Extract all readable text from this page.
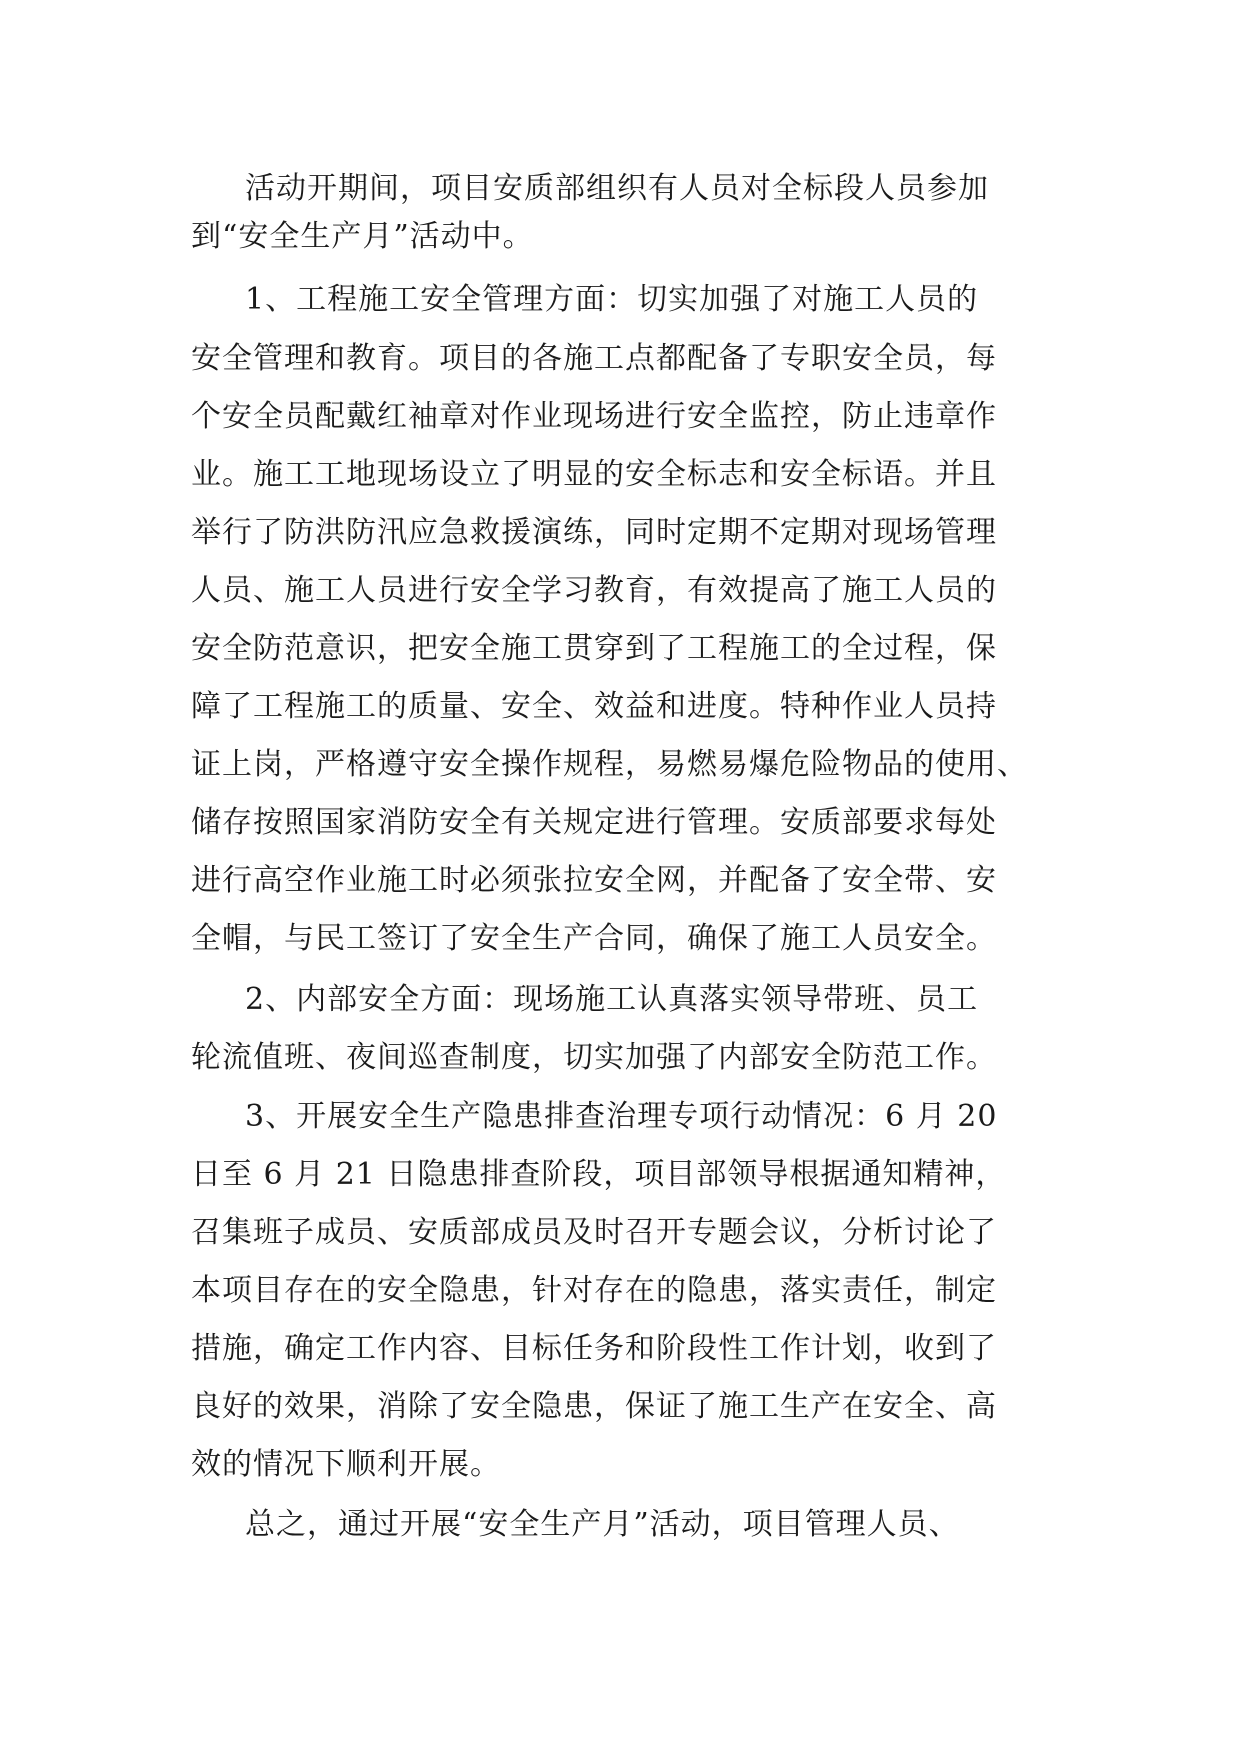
活动开期间，项目安质部组织有人员对全标段人员参加

到“安全生产月”活动中。

1、工程施工安全管理方面：切实加强了对施工人员的

安全管理和教育。项目的各施工点都配备了专职安全员，每

个安全员配戴红袖章对作业现场进行安全监控，防止违章作

业。施工工地现场设立了明显的安全标志和安全标语。并且

举行了防洪防汛应急救援演练，同时定期不定期对现场管理

人员、施工人员进行安全学习教育，有效提高了施工人员的

安全防范意识，把安全施工贯穿到了工程施工的全过程，保

障了工程施工的质量、安全、效益和进度。特种作业人员持

证上岗，严格遵守安全操作规程，易燃易爆危险物品的使用、

储存按照国家消防安全有关规定进行管理。安质部要求每处

进行高空作业施工时必须张拉安全网，并配备了安全带、安

全帽，与民工签订了安全生产合同，确保了施工人员安全。

2、内部安全方面：现场施工认真落实领导带班、员工

轮流值班、夜间巡查制度，切实加强了内部安全防范工作。

3、开展安全生产隐患排查治理专项行动情况：6 月 20

日至 6 月 21 日隐患排查阶段，项目部领导根据通知精神，

召集班子成员、安质部成员及时召开专题会议，分析讨论了

本项目存在的安全隐患，针对存在的隐患，落实责任，制定

措施，确定工作内容、目标任务和阶段性工作计划，收到了

良好的效果，消除了安全隐患，保证了施工生产在安全、高

效的情况下顺利开展。

总之，通过开展“安全生产月”活动，项目管理人员、
